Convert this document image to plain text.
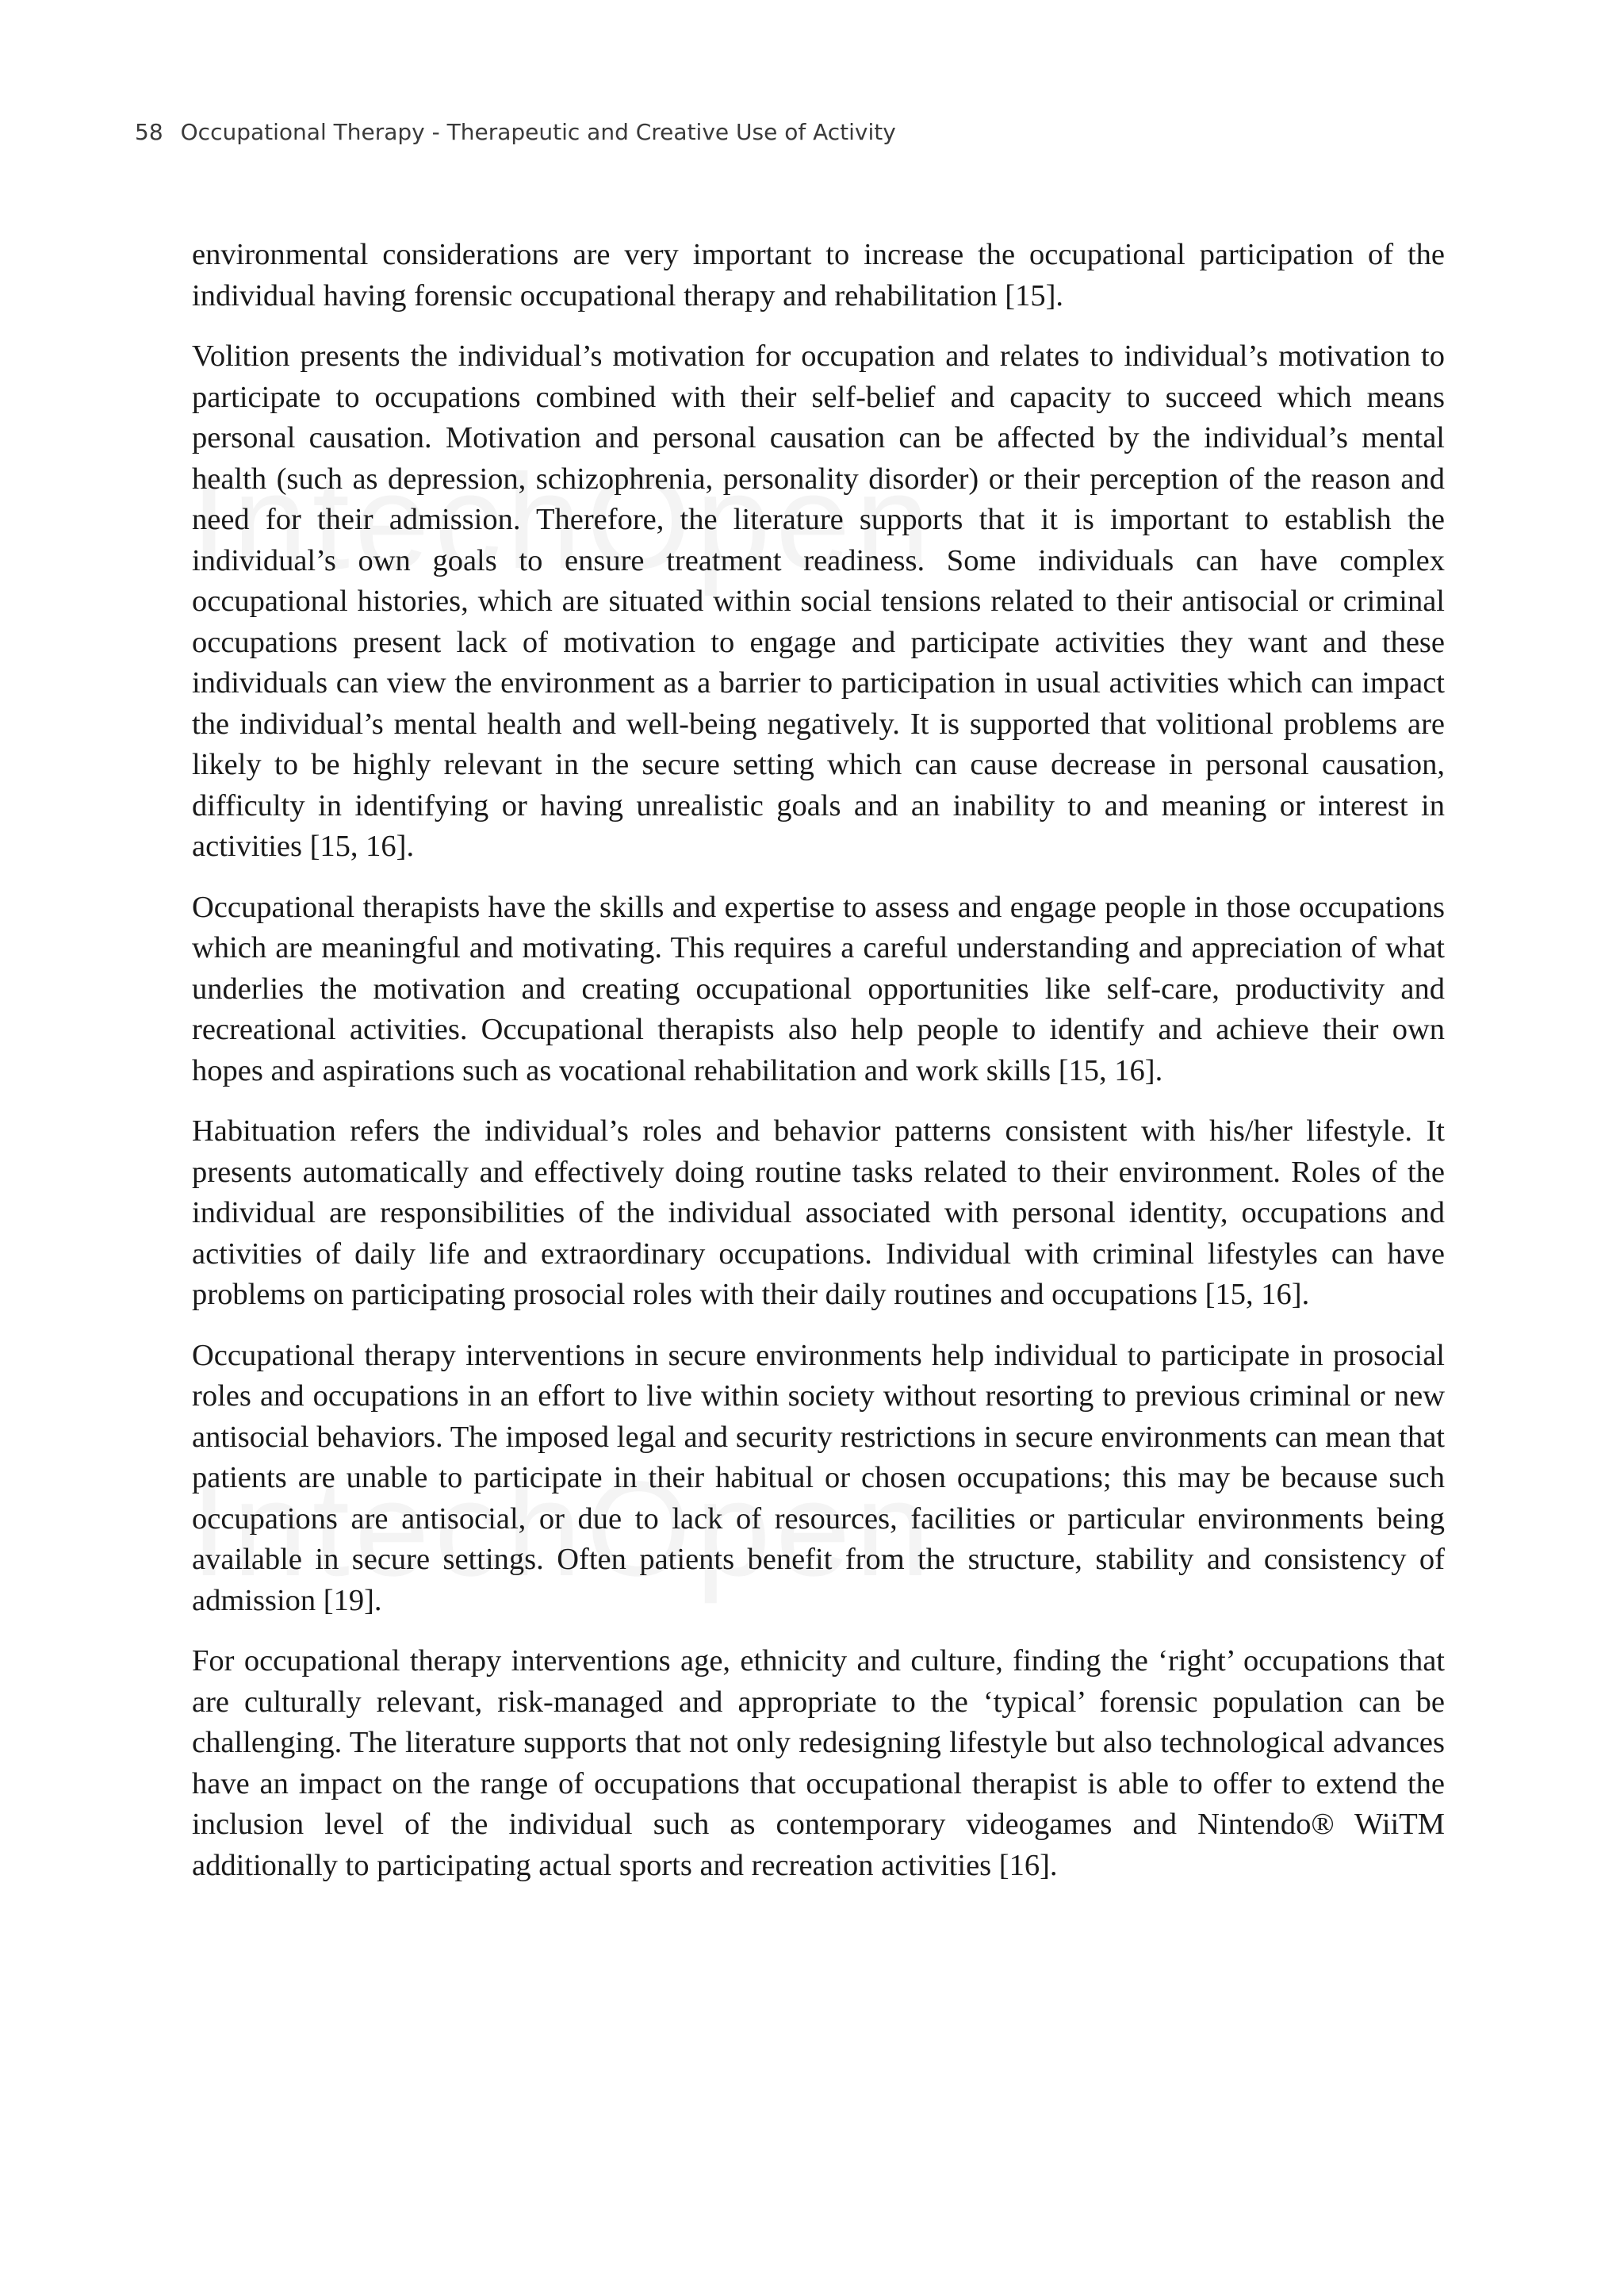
58 Occupational Therapy - Therapeutic and Creative Use of Activity

environmental considerations are very important to increase the occupational participation of the individual having forensic occupational therapy and rehabilitation [15].

Volition presents the individual’s motivation for occupation and relates to individual’s motivation to participate to occupations combined with their self-belief and capacity to succeed which means personal causation. Motivation and personal causation can be affected by the individual’s mental health (such as depression, schizophrenia, personality disorder) or their perception of the reason and need for their admission. Therefore, the literature supports that it is important to establish the individual’s own goals to ensure treatment readiness. Some individuals can have complex occupational histories, which are situated within social tensions related to their antisocial or criminal occupations present lack of motivation to engage and participate activities they want and these individuals can view the environment as a barrier to participation in usual activities which can impact the individual’s mental health and well-being negatively. It is supported that volitional problems are likely to be highly relevant in the secure setting which can cause decrease in personal causation, difficulty in identifying or having unrealistic goals and an inability to and meaning or interest in activities [15, 16].

Occupational therapists have the skills and expertise to assess and engage people in those occupations which are meaningful and motivating. This requires a careful understanding and appreciation of what underlies the motivation and creating occupational opportunities like self-care, productivity and recreational activities. Occupational therapists also help people to identify and achieve their own hopes and aspirations such as vocational rehabilitation and work skills [15, 16].

Habituation refers the individual’s roles and behavior patterns consistent with his/her lifestyle. It presents automatically and effectively doing routine tasks related to their environment. Roles of the individual are responsibilities of the individual associated with personal identity, occupations and activities of daily life and extraordinary occupations. Individual with criminal lifestyles can have problems on participating prosocial roles with their daily routines and occupations [15, 16].

Occupational therapy interventions in secure environments help individual to participate in prosocial roles and occupations in an effort to live within society without resorting to previous criminal or new antisocial behaviors. The imposed legal and security restrictions in secure environments can mean that patients are unable to participate in their habitual or chosen occupations; this may be because such occupations are antisocial, or due to lack of resources, facilities or particular environments being available in secure settings. Often patients benefit from the structure, stability and consistency of admission [19].

For occupational therapy interventions age, ethnicity and culture, finding the ‘right’ occupations that are culturally relevant, risk-managed and appropriate to the ‘typical’ forensic population can be challenging. The literature supports that not only redesigning lifestyle but also technological advances have an impact on the range of occupations that occupational therapist is able to offer to extend the inclusion level of the individual such as contemporary videogames and Nintendo® WiiTM additionally to participating actual sports and recreation activities [16].
